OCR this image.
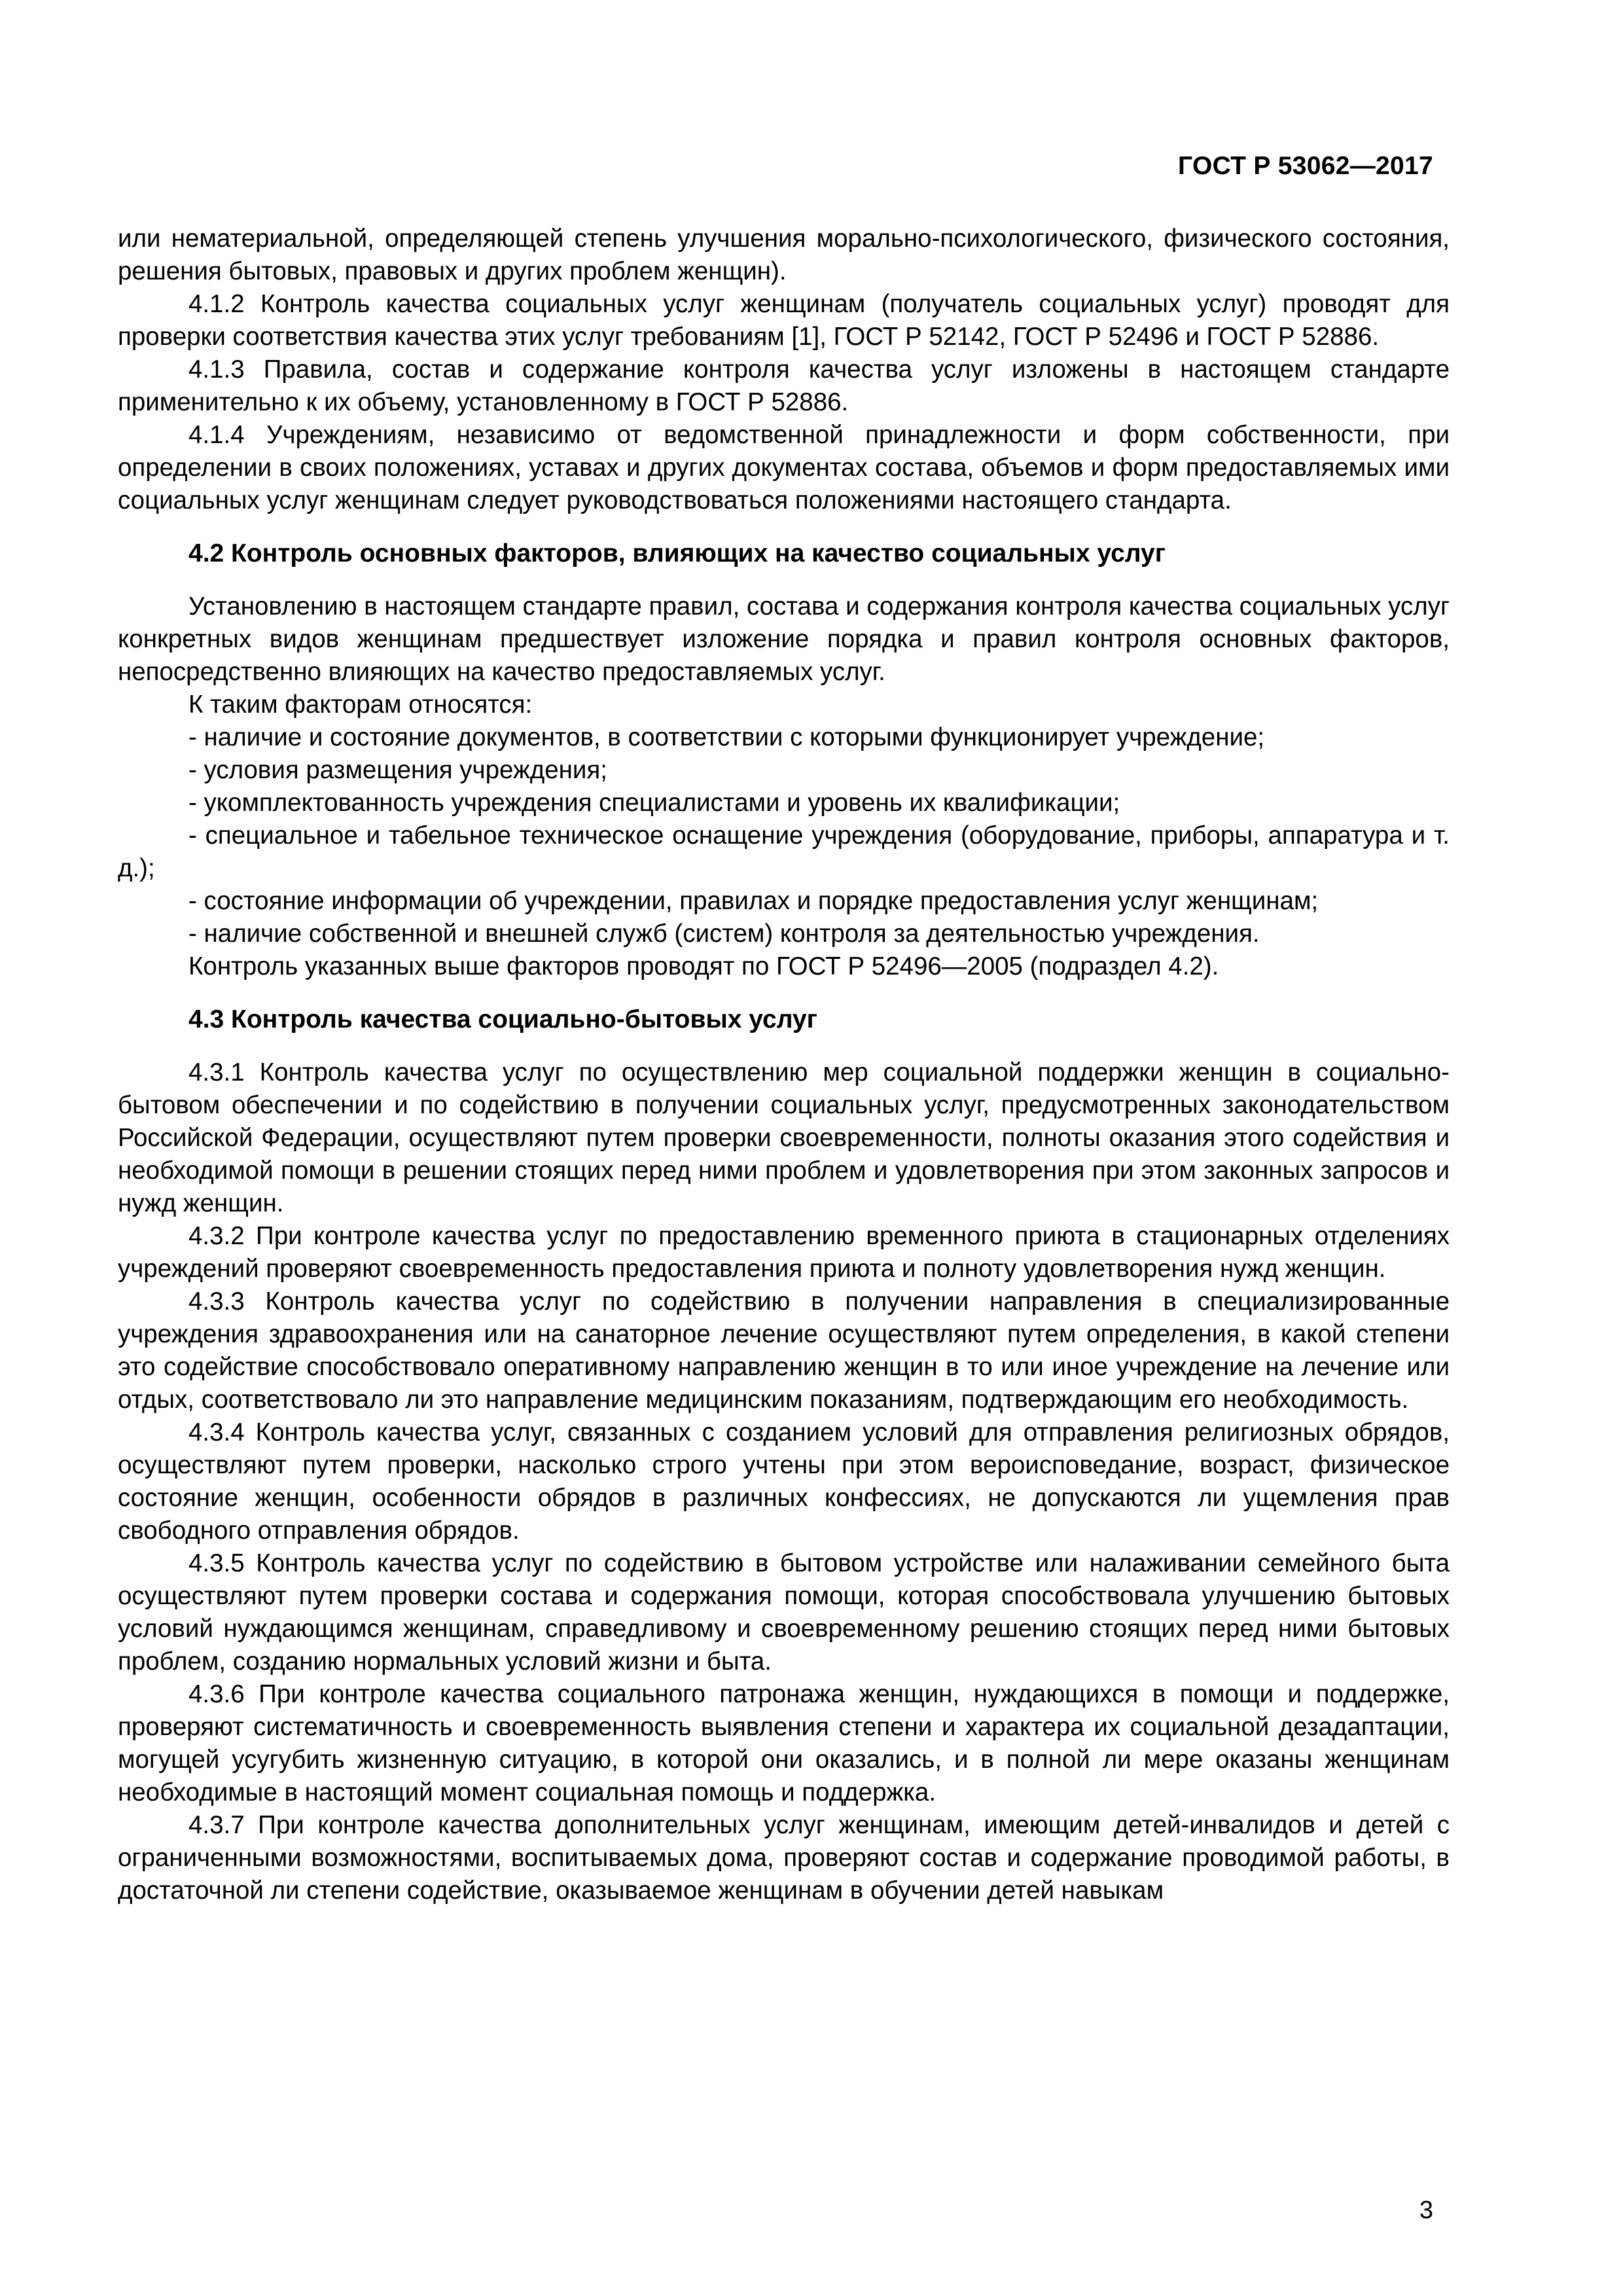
ГОСТ Р 53062—2017

или нематериальной, определяющей степень улучшения морально-психологического, физического состояния, решения бытовых, правовых и других проблем женщин).

4.1.2 Контроль качества социальных услуг женщинам (получатель социальных услуг) проводят для проверки соответствия качества этих услуг требованиям [1], ГОСТ Р 52142, ГОСТ Р 52496 и ГОСТ Р 52886.

4.1.3 Правила, состав и содержание контроля качества услуг изложены в настоящем стандарте применительно к их объему, установленному в ГОСТ Р 52886.

4.1.4 Учреждениям, независимо от ведомственной принадлежности и форм собственности, при определении в своих положениях, уставах и других документах состава, объемов и форм предоставляемых ими социальных услуг женщинам следует руководствоваться положениями настоящего стандарта.

4.2 Контроль основных факторов, влияющих на качество социальных услуг

Установлению в настоящем стандарте правил, состава и содержания контроля качества социальных услуг конкретных видов женщинам предшествует изложение порядка и правил контроля основных факторов, непосредственно влияющих на качество предоставляемых услуг.

К таким факторам относятся:

- наличие и состояние документов, в соответствии с которыми функционирует учреждение;

- условия размещения учреждения;

- укомплектованность учреждения специалистами и уровень их квалификации;

- специальное и табельное техническое оснащение учреждения (оборудование, приборы, аппаратура и т. д.);

- состояние информации об учреждении, правилах и порядке предоставления услуг женщинам;

- наличие собственной и внешней служб (систем) контроля за деятельностью учреждения.

Контроль указанных выше факторов проводят по ГОСТ Р 52496—2005 (подраздел 4.2).

4.3 Контроль качества социально-бытовых услуг

4.3.1 Контроль качества услуг по осуществлению мер социальной поддержки женщин в социально-бытовом обеспечении и по содействию в получении социальных услуг, предусмотренных законодательством Российской Федерации, осуществляют путем проверки своевременности, полноты оказания этого содействия и необходимой помощи в решении стоящих перед ними проблем и удовлетворения при этом законных запросов и нужд женщин.

4.3.2 При контроле качества услуг по предоставлению временного приюта в стационарных отделениях учреждений проверяют своевременность предоставления приюта и полноту удовлетворения нужд женщин.

4.3.3 Контроль качества услуг по содействию в получении направления в специализированные учреждения здравоохранения или на санаторное лечение осуществляют путем определения, в какой степени это содействие способствовало оперативному направлению женщин в то или иное учреждение на лечение или отдых, соответствовало ли это направление медицинским показаниям, подтверждающим его необходимость.

4.3.4 Контроль качества услуг, связанных с созданием условий для отправления религиозных обрядов, осуществляют путем проверки, насколько строго учтены при этом вероисповедание, возраст, физическое состояние женщин, особенности обрядов в различных конфессиях, не допускаются ли ущемления прав свободного отправления обрядов.

4.3.5 Контроль качества услуг по содействию в бытовом устройстве или налаживании семейного быта осуществляют путем проверки состава и содержания помощи, которая способствовала улучшению бытовых условий нуждающимся женщинам, справедливому и своевременному решению стоящих перед ними бытовых проблем, созданию нормальных условий жизни и быта.

4.3.6 При контроле качества социального патронажа женщин, нуждающихся в помощи и поддержке, проверяют систематичность и своевременность выявления степени и характера их социальной дезадаптации, могущей усугубить жизненную ситуацию, в которой они оказались, и в полной ли мере оказаны женщинам необходимые в настоящий момент социальная помощь и поддержка.

4.3.7 При контроле качества дополнительных услуг женщинам, имеющим детей-инвалидов и детей с ограниченными возможностями, воспитываемых дома, проверяют состав и содержание проводимой работы, в достаточной ли степени содействие, оказываемое женщинам в обучении детей навыкам

3
